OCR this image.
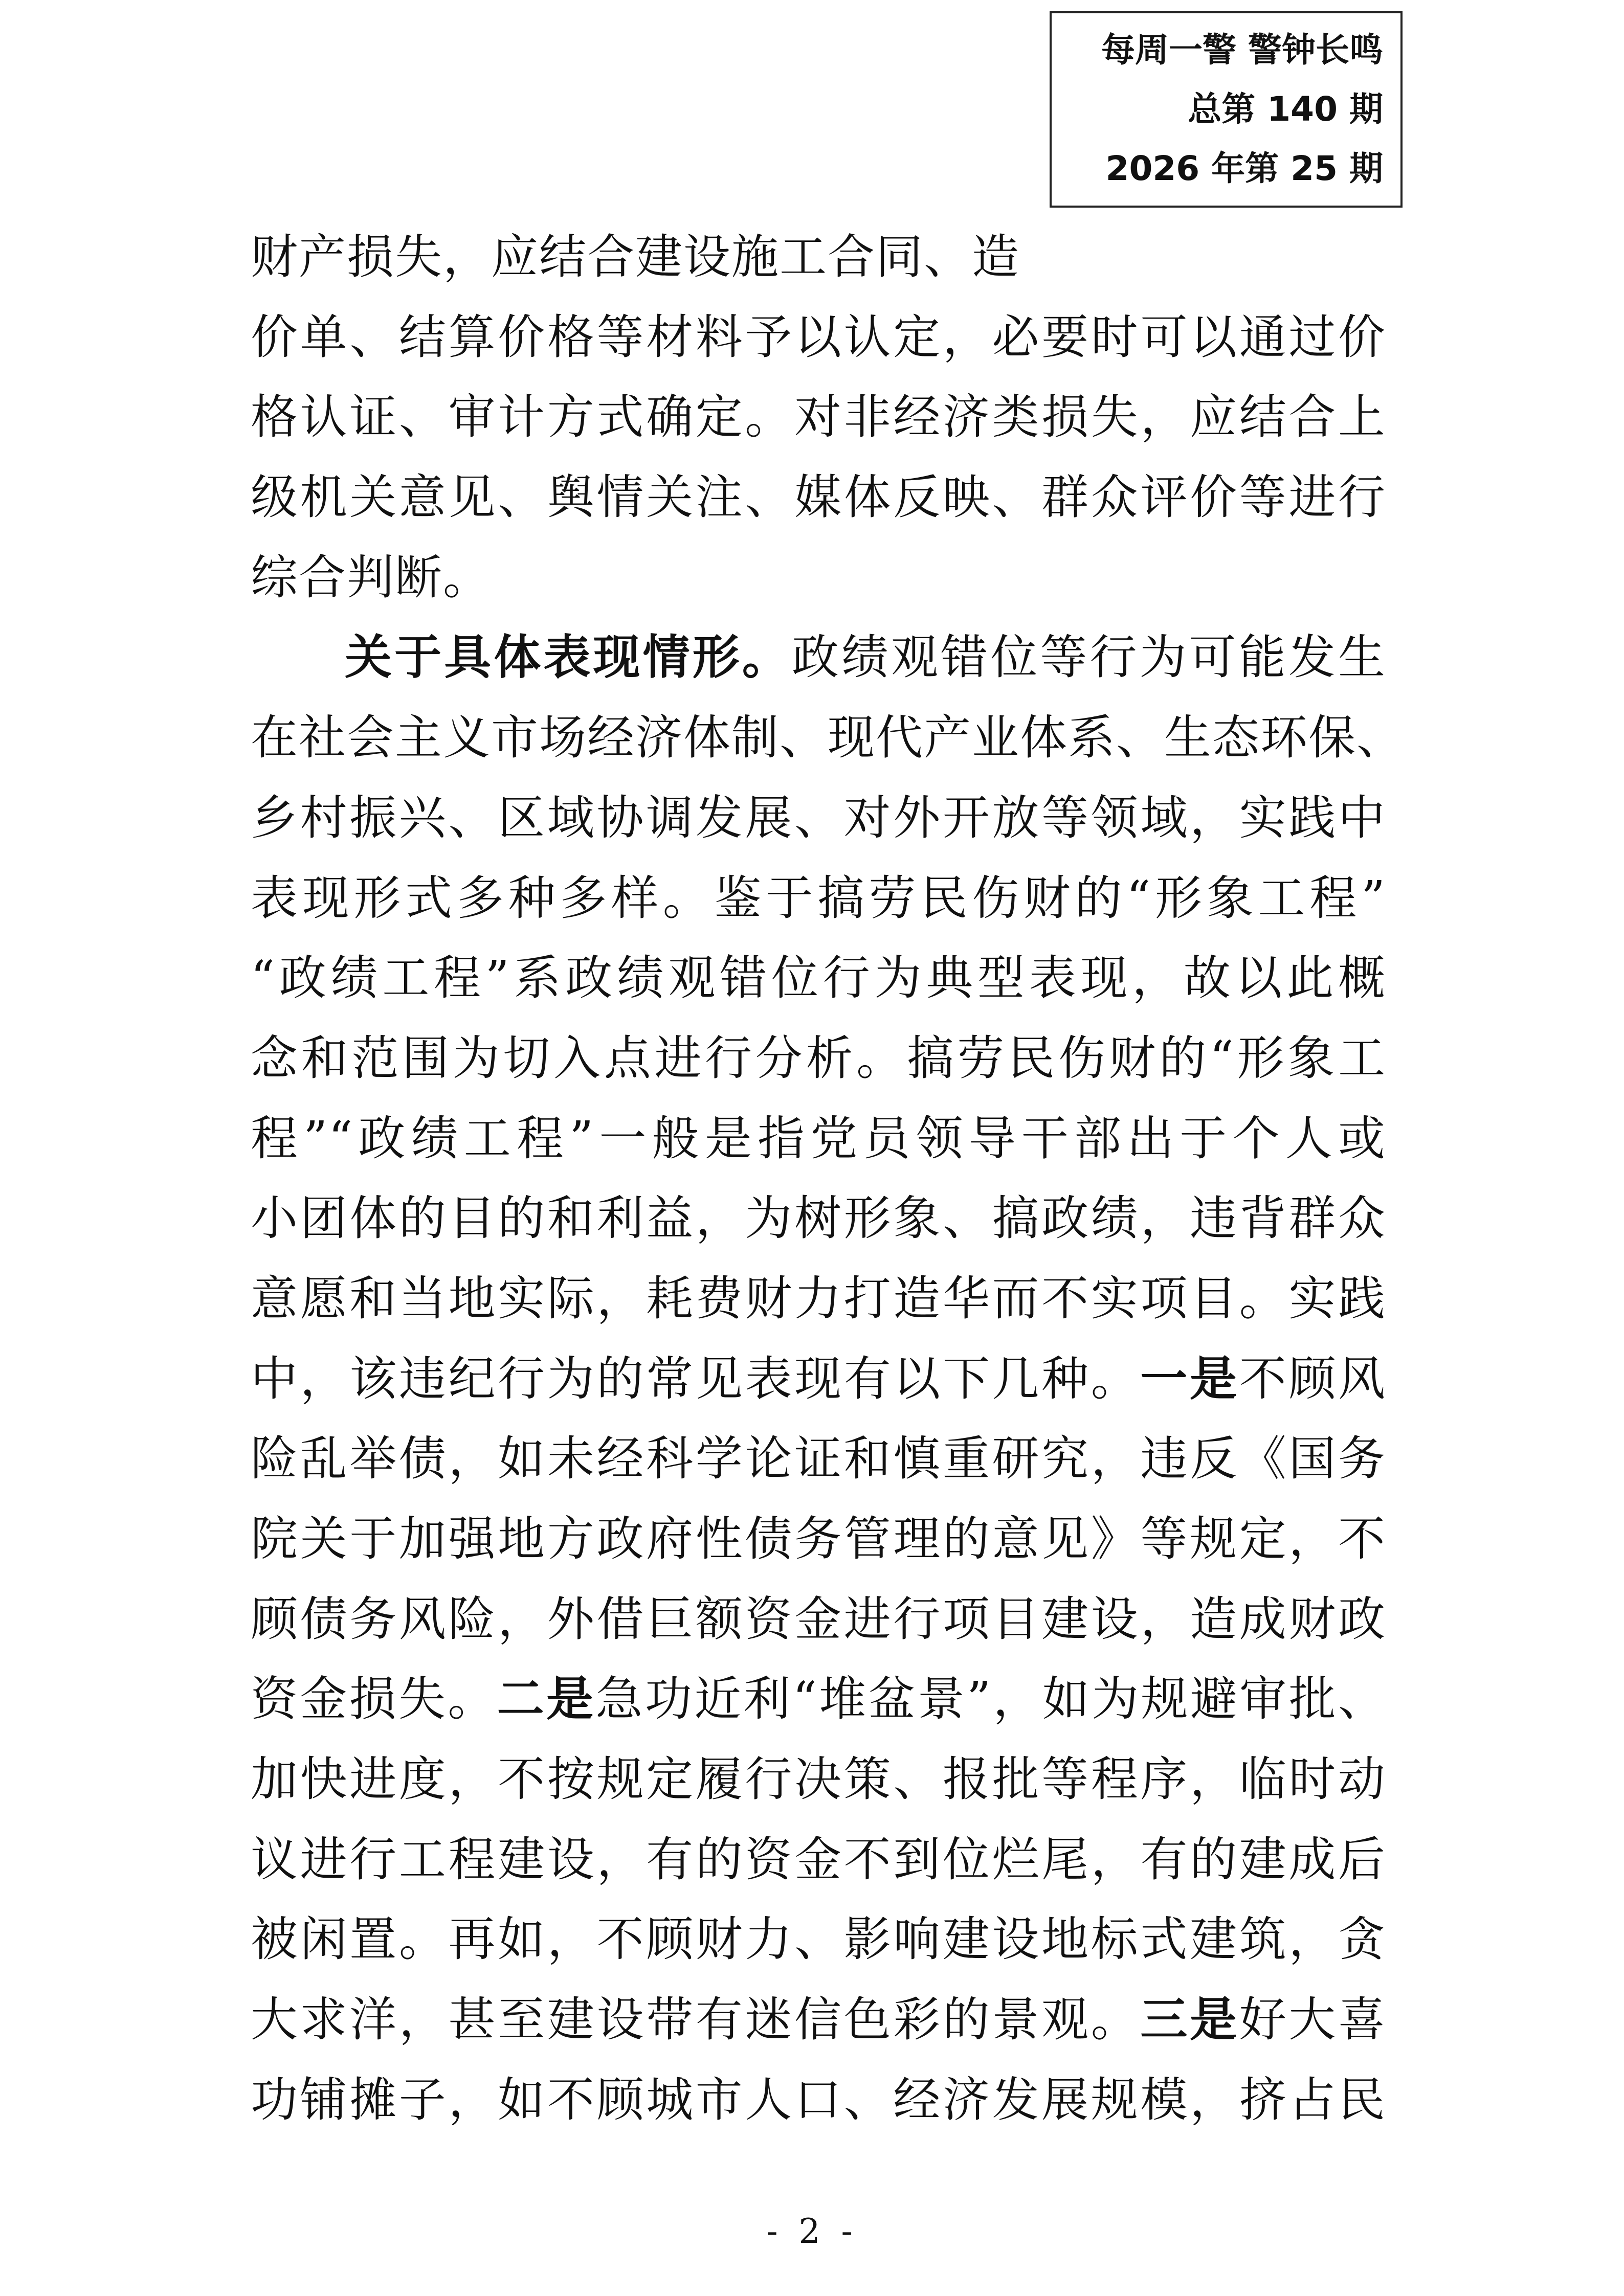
每周一警 警钟长鸣
总第 140 期
2026 年第 25 期
财产损失，应结合建设施工合同、造
价单、结算价格等材料予以认定，必要时可以通过价
格认证、审计方式确定。对非经济类损失，应结合上
级机关意见、舆情关注、媒体反映、群众评价等进行
综合判断。
关于具体表现情形。政绩观错位等行为可能发生
在社会主义市场经济体制、现代产业体系、生态环保、
乡村振兴、区域协调发展、对外开放等领域，实践中
表现形式多种多样。鉴于搞劳民伤财的“形象工程”
“政绩工程”系政绩观错位行为典型表现，故以此概
念和范围为切入点进行分析。搞劳民伤财的“形象工
程”“政绩工程”一般是指党员领导干部出于个人或
小团体的目的和利益，为树形象、搞政绩，违背群众
意愿和当地实际，耗费财力打造华而不实项目。实践
中，该违纪行为的常见表现有以下几种。一是不顾风
险乱举债，如未经科学论证和慎重研究，违反《国务
院关于加强地方政府性债务管理的意见》等规定，不
顾债务风险，外借巨额资金进行项目建设，造成财政
资金损失。二是急功近利“堆盆景”，如为规避审批、
加快进度，不按规定履行决策、报批等程序，临时动
议进行工程建设，有的资金不到位烂尾，有的建成后
被闲置。再如，不顾财力、影响建设地标式建筑，贪
大求洋，甚至建设带有迷信色彩的景观。三是好大喜
功铺摊子，如不顾城市人口、经济发展规模，挤占民
- 2 -
